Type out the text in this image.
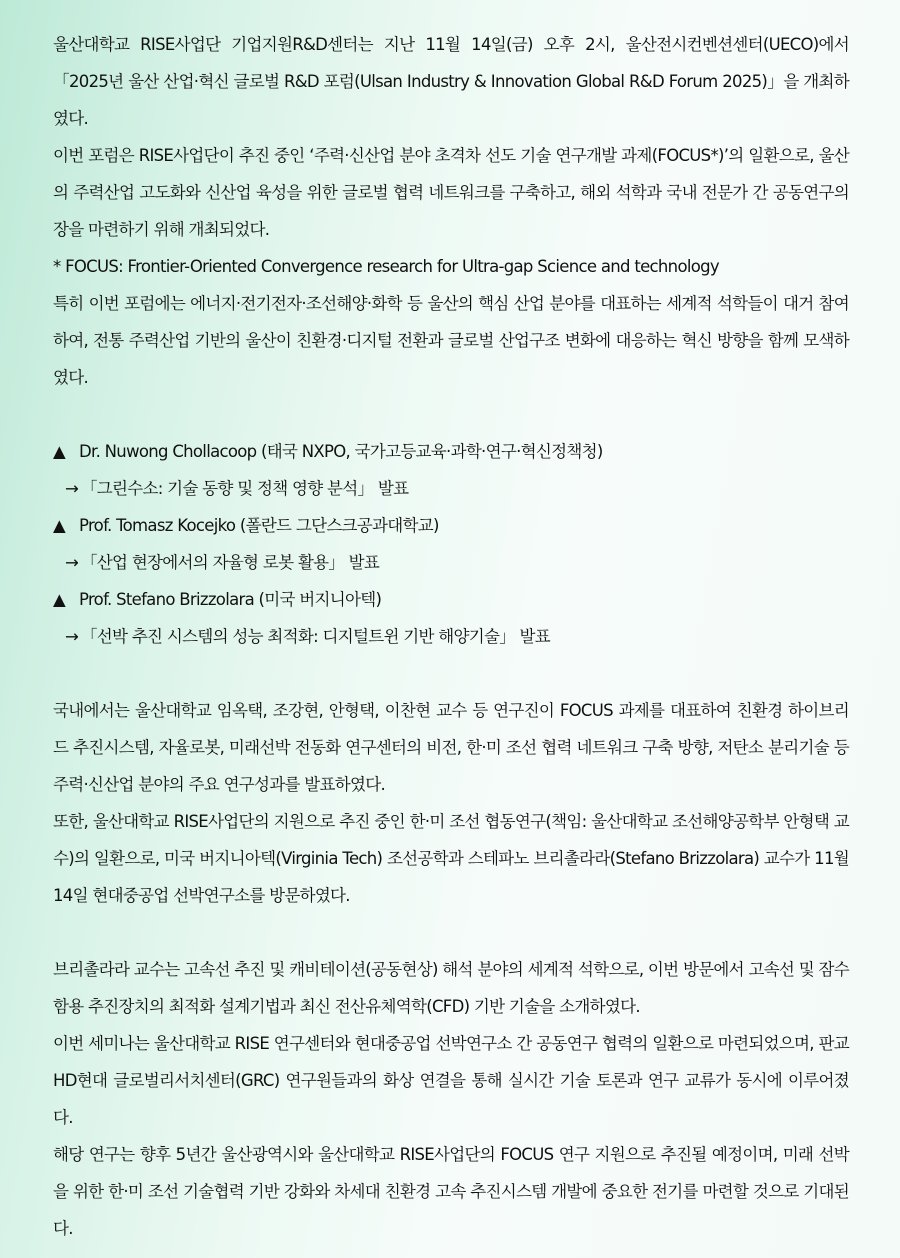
울산대학교 RISE사업단 기업지원R&D센터는 지난 11월 14일(금) 오후 2시, 울산전시컨벤션센터(UECO)에서 「2025년 울산 산업·혁신 글로벌 R&D 포럼(Ulsan Industry & Innovation Global R&D Forum 2025)」을 개최하였다.

이번 포럼은 RISE사업단이 추진 중인 ‘주력·신산업 분야 초격차 선도 기술 연구개발 과제(FOCUS*)’의 일환으로, 울산의 주력산업 고도화와 신산업 육성을 위한 글로벌 협력 네트워크를 구축하고, 해외 석학과 국내 전문가 간 공동연구의 장을 마련하기 위해 개최되었다.

* FOCUS: Frontier-Oriented Convergence research for Ultra-gap Science and technology

특히 이번 포럼에는 에너지·전기전자·조선해양·화학 등 울산의 핵심 산업 분야를 대표하는 세계적 석학들이 대거 참여하여, 전통 주력산업 기반의 울산이 친환경·디지털 전환과 글로벌 산업구조 변화에 대응하는 혁신 방향을 함께 모색하였다.

▲ Dr. Nuwong Chollacoop (태국 NXPO, 국가고등교육·과학·연구·혁신정책청)

→ 「그린수소: 기술 동향 및 정책 영향 분석」 발표

▲ Prof. Tomasz Kocejko (폴란드 그단스크공과대학교)

→ 「산업 현장에서의 자율형 로봇 활용」 발표

▲ Prof. Stefano Brizzolara (미국 버지니아텍)

→ 「선박 추진 시스템의 성능 최적화: 디지털트윈 기반 해양기술」 발표

국내에서는 울산대학교 임옥택, 조강현, 안형택, 이찬현 교수 등 연구진이 FOCUS 과제를 대표하여 친환경 하이브리드 추진시스템, 자율로봇, 미래선박 전동화 연구센터의 비전, 한·미 조선 협력 네트워크 구축 방향, 저탄소 분리기술 등 주력·신산업 분야의 주요 연구성과를 발표하였다.

또한, 울산대학교 RISE사업단의 지원으로 추진 중인 한·미 조선 협동연구(책임: 울산대학교 조선해양공학부 안형택 교수)의 일환으로, 미국 버지니아텍(Virginia Tech) 조선공학과 스테파노 브리촐라라(Stefano Brizzolara) 교수가 11월 14일 현대중공업 선박연구소를 방문하였다.

브리촐라라 교수는 고속선 추진 및 캐비테이션(공동현상) 해석 분야의 세계적 석학으로, 이번 방문에서 고속선 및 잠수함용 추진장치의 최적화 설계기법과 최신 전산유체역학(CFD) 기반 기술을 소개하였다.

이번 세미나는 울산대학교 RISE 연구센터와 현대중공업 선박연구소 간 공동연구 협력의 일환으로 마련되었으며, 판교 HD현대 글로벌리서치센터(GRC) 연구원들과의 화상 연결을 통해 실시간 기술 토론과 연구 교류가 동시에 이루어졌다.

해당 연구는 향후 5년간 울산광역시와 울산대학교 RISE사업단의 FOCUS 연구 지원으로 추진될 예정이며, 미래 선박을 위한 한·미 조선 기술협력 기반 강화와 차세대 친환경 고속 추진시스템 개발에 중요한 전기를 마련할 것으로 기대된다.
